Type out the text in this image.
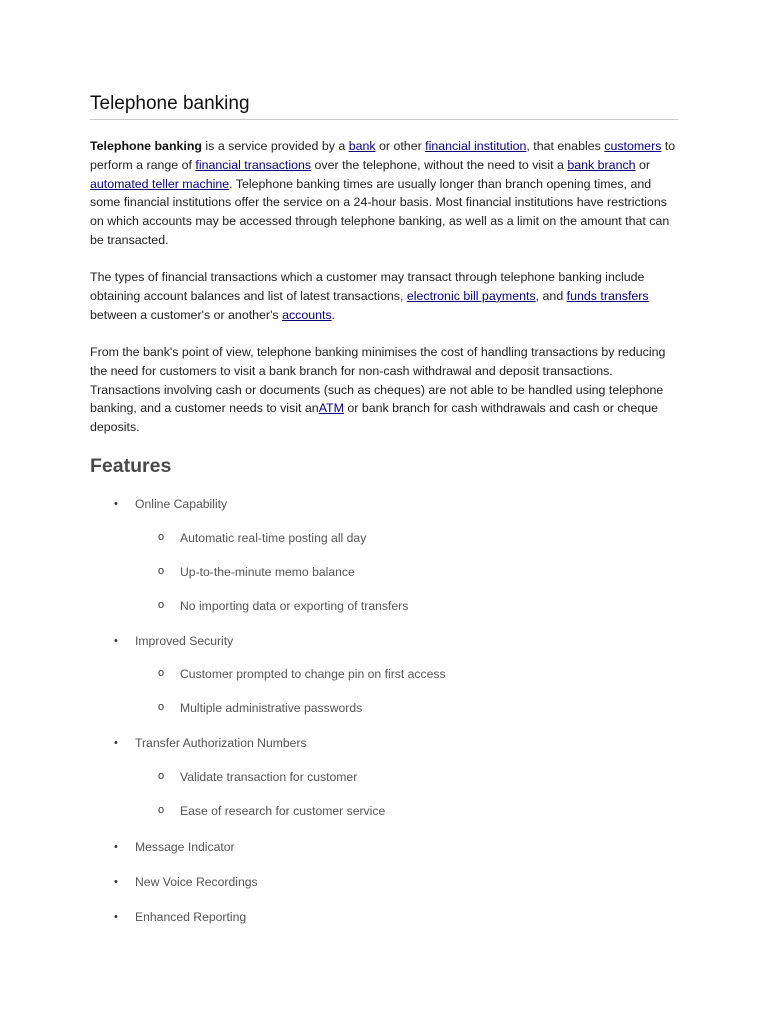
Telephone banking

Telephone banking is a service provided by a bank or other financial institution, that enables customers to perform a range of financial transactions over the telephone, without the need to visit a bank branch or automated teller machine. Telephone banking times are usually longer than branch opening times, and some financial institutions offer the service on a 24-hour basis. Most financial institutions have restrictions on which accounts may be accessed through telephone banking, as well as a limit on the amount that can be transacted.

The types of financial transactions which a customer may transact through telephone banking include obtaining account balances and list of latest transactions, electronic bill payments, and funds transfers between a customer's or another's accounts.

From the bank's point of view, telephone banking minimises the cost of handling transactions by reducing the need for customers to visit a bank branch for non-cash withdrawal and deposit transactions. Transactions involving cash or documents (such as cheques) are not able to be handled using telephone banking, and a customer needs to visit anATM or bank branch for cash withdrawals and cash or cheque deposits.

Features
• Online Capability
o Automatic real-time posting all day
o Up-to-the-minute memo balance
o No importing data or exporting of transfers
• Improved Security
o Customer prompted to change pin on first access
o Multiple administrative passwords
• Transfer Authorization Numbers
o Validate transaction for customer
o Ease of research for customer service
• Message Indicator
• New Voice Recordings
• Enhanced Reporting
